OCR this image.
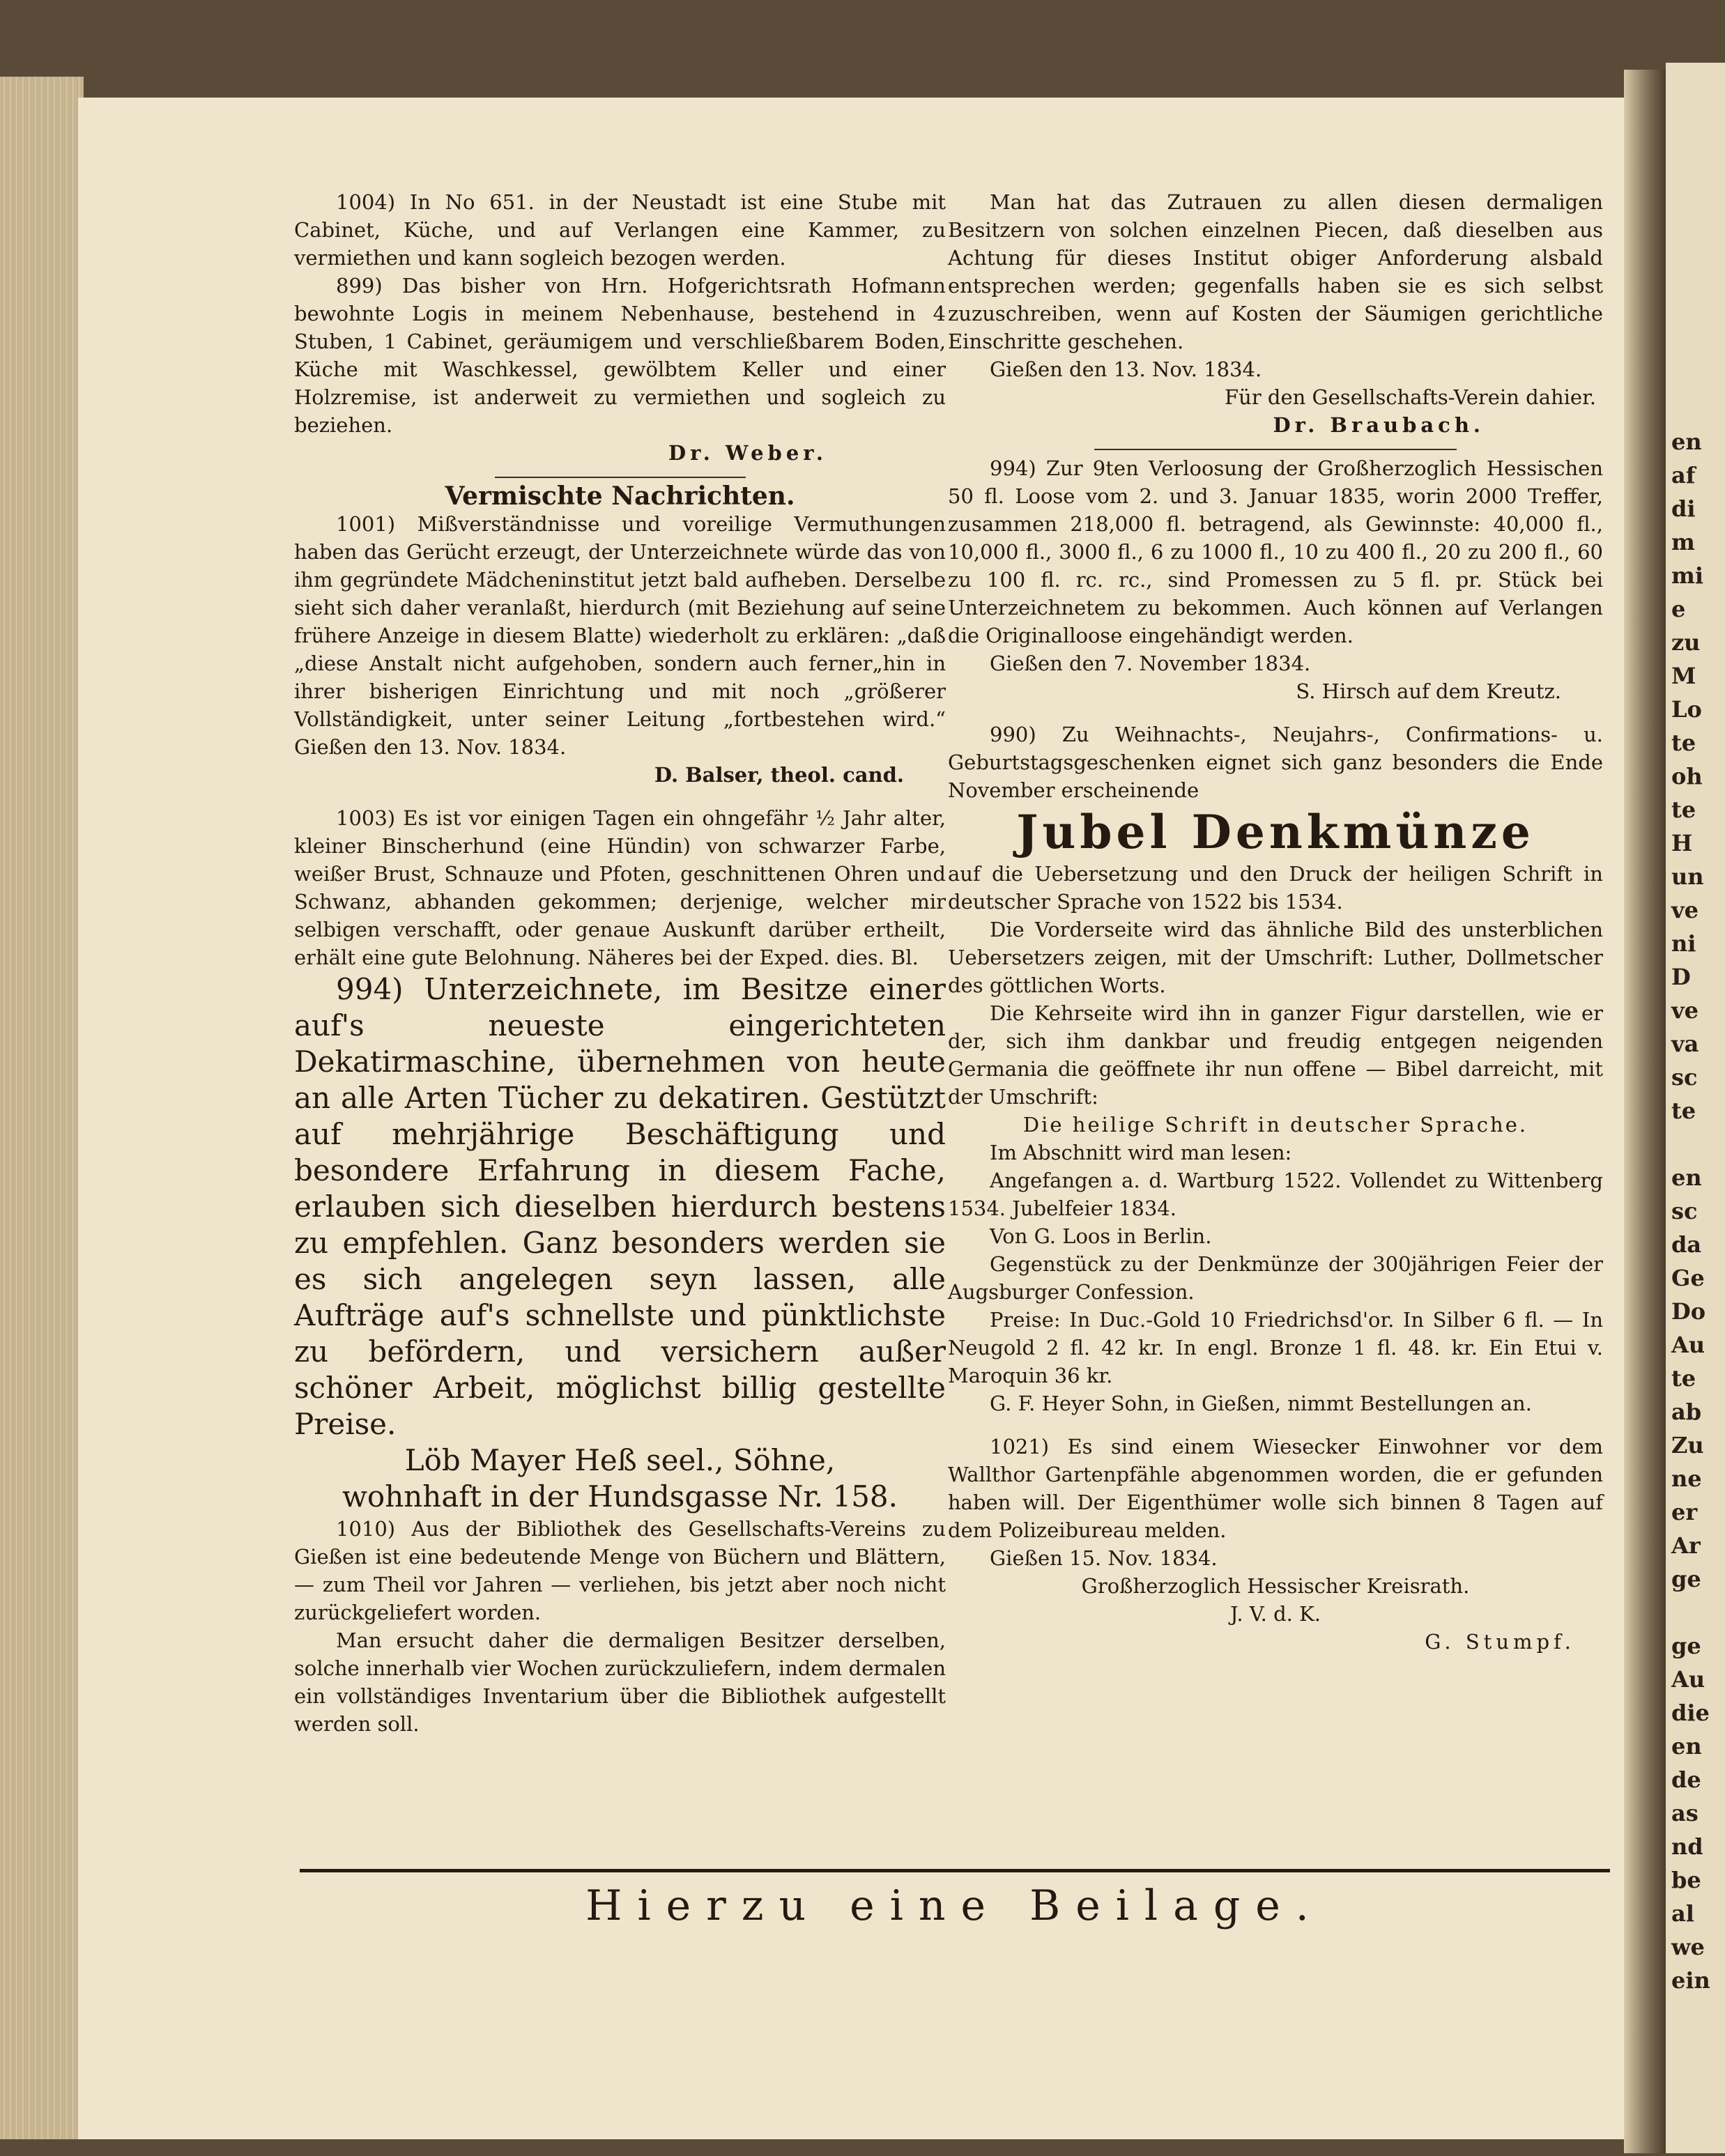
en
af
di
m
mi
e
zu
M
Lo
te
oh
te
H
un
ve
ni
D
ve
va
sc
te

en
sc
da
Ge
Do
Au
te
ab
Zu
ne
er
Ar
ge

ge
Au
die
en
de
as
nd
be
al
we
ein

1004) In No 651. in der Neustadt ist eine Stube mit Cabinet, Küche, und auf Verlangen eine Kammer, zu vermiethen und kann sogleich bezogen werden.

899) Das bisher von Hrn. Hofgerichtsrath Hofmann bewohnte Logis in meinem Nebenhause, bestehend in 4 Stuben, 1 Cabinet, geräumigem und verschließbarem Boden, Küche mit Waschkessel, gewölbtem Keller und einer Holzremise, ist anderweit zu vermiethen und sogleich zu beziehen.

Dr. Weber.

Vermischte Nachrichten.

1001) Mißverständnisse und voreilige Vermuthungen haben das Gerücht erzeugt, der Unterzeichnete würde das von ihm gegründete Mädcheninstitut jetzt bald aufheben. Derselbe sieht sich daher veranlaßt, hierdurch (mit Beziehung auf seine frühere Anzeige in diesem Blatte) wiederholt zu erklären: „daß „diese Anstalt nicht aufgehoben, sondern auch ferner„hin in ihrer bisherigen Einrichtung und mit noch „größerer Vollständigkeit, unter seiner Leitung „fortbestehen wird.“ Gießen den 13. Nov. 1834.

D. Balser, theol. cand.

1003) Es ist vor einigen Tagen ein ohngefähr ½ Jahr alter, kleiner Binscherhund (eine Hündin) von schwarzer Farbe, weißer Brust, Schnauze und Pfoten, geschnittenen Ohren und Schwanz, abhanden gekommen; derjenige, welcher mir selbigen verschafft, oder genaue Auskunft darüber ertheilt, erhält eine gute Belohnung. Näheres bei der Exped. dies. Bl.

994) Unterzeichnete, im Besitze einer auf's neueste eingerichteten Dekatirmaschine, übernehmen von heute an alle Arten Tücher zu dekatiren. Gestützt auf mehrjährige Beschäftigung und besondere Erfahrung in diesem Fache, erlauben sich dieselben hierdurch bestens zu empfehlen. Ganz besonders werden sie es sich angelegen seyn lassen, alle Aufträge auf's schnellste und pünktlichste zu befördern, und versichern außer schöner Arbeit, möglichst billig gestellte Preise.

Löb Mayer Heß seel., Söhne,

wohnhaft in der Hundsgasse Nr. 158.

1010) Aus der Bibliothek des Gesellschafts-Vereins zu Gießen ist eine bedeutende Menge von Büchern und Blättern, — zum Theil vor Jahren — verliehen, bis jetzt aber noch nicht zurückgeliefert worden.

Man ersucht daher die dermaligen Besitzer derselben, solche innerhalb vier Wochen zurückzuliefern, indem dermalen ein vollständiges Inventarium über die Bibliothek aufgestellt werden soll.

Man hat das Zutrauen zu allen diesen dermaligen Besitzern von solchen einzelnen Piecen, daß dieselben aus Achtung für dieses Institut obiger Anforderung alsbald entsprechen werden; gegenfalls haben sie es sich selbst zuzuschreiben, wenn auf Kosten der Säumigen gerichtliche Einschritte geschehen.

Gießen den 13. Nov. 1834.

Für den Gesellschafts-Verein dahier.

Dr. Braubach.

994) Zur 9ten Verloosung der Großherzoglich Hessischen 50 fl. Loose vom 2. und 3. Januar 1835, worin 2000 Treffer, zusammen 218,000 fl. betragend, als Gewinnste: 40,000 fl., 10,000 fl., 3000 fl., 6 zu 1000 fl., 10 zu 400 fl., 20 zu 200 fl., 60 zu 100 fl. rc. rc., sind Promessen zu 5 fl. pr. Stück bei Unterzeichnetem zu bekommen. Auch können auf Verlangen die Originalloose eingehändigt werden.

Gießen den 7. November 1834.

S. Hirsch auf dem Kreutz.

990) Zu Weihnachts-, Neujahrs-, Confirmations- u. Geburtstagsgeschenken eignet sich ganz besonders die Ende November erscheinende

Jubel Denkmünze

auf die Uebersetzung und den Druck der heiligen Schrift in deutscher Sprache von 1522 bis 1534.

Die Vorderseite wird das ähnliche Bild des unsterblichen Uebersetzers zeigen, mit der Umschrift: Luther, Dollmetscher des göttlichen Worts.

Die Kehrseite wird ihn in ganzer Figur darstellen, wie er der, sich ihm dankbar und freudig entgegen neigenden Germania die geöffnete ihr nun offene — Bibel darreicht, mit der Umschrift:

Die heilige Schrift in deutscher Sprache.

Im Abschnitt wird man lesen:

Angefangen a. d. Wartburg 1522. Vollendet zu Wittenberg 1534. Jubelfeier 1834.

Von G. Loos in Berlin.

Gegenstück zu der Denkmünze der 300jährigen Feier der Augsburger Confession.

Preise: In Duc.-Gold 10 Friedrichsd'or. In Silber 6 fl. — In Neugold 2 fl. 42 kr. In engl. Bronze 1 fl. 48. kr. Ein Etui v. Maroquin 36 kr.

G. F. Heyer Sohn, in Gießen, nimmt Bestellungen an.

1021) Es sind einem Wiesecker Einwohner vor dem Wallthor Gartenpfähle abgenommen worden, die er gefunden haben will. Der Eigenthümer wolle sich binnen 8 Tagen auf dem Polizeibureau melden.

Gießen 15. Nov. 1834.

Großherzoglich Hessischer Kreisrath.

J. V. d. K.

G. Stumpf.

Hierzu eine Beilage.
